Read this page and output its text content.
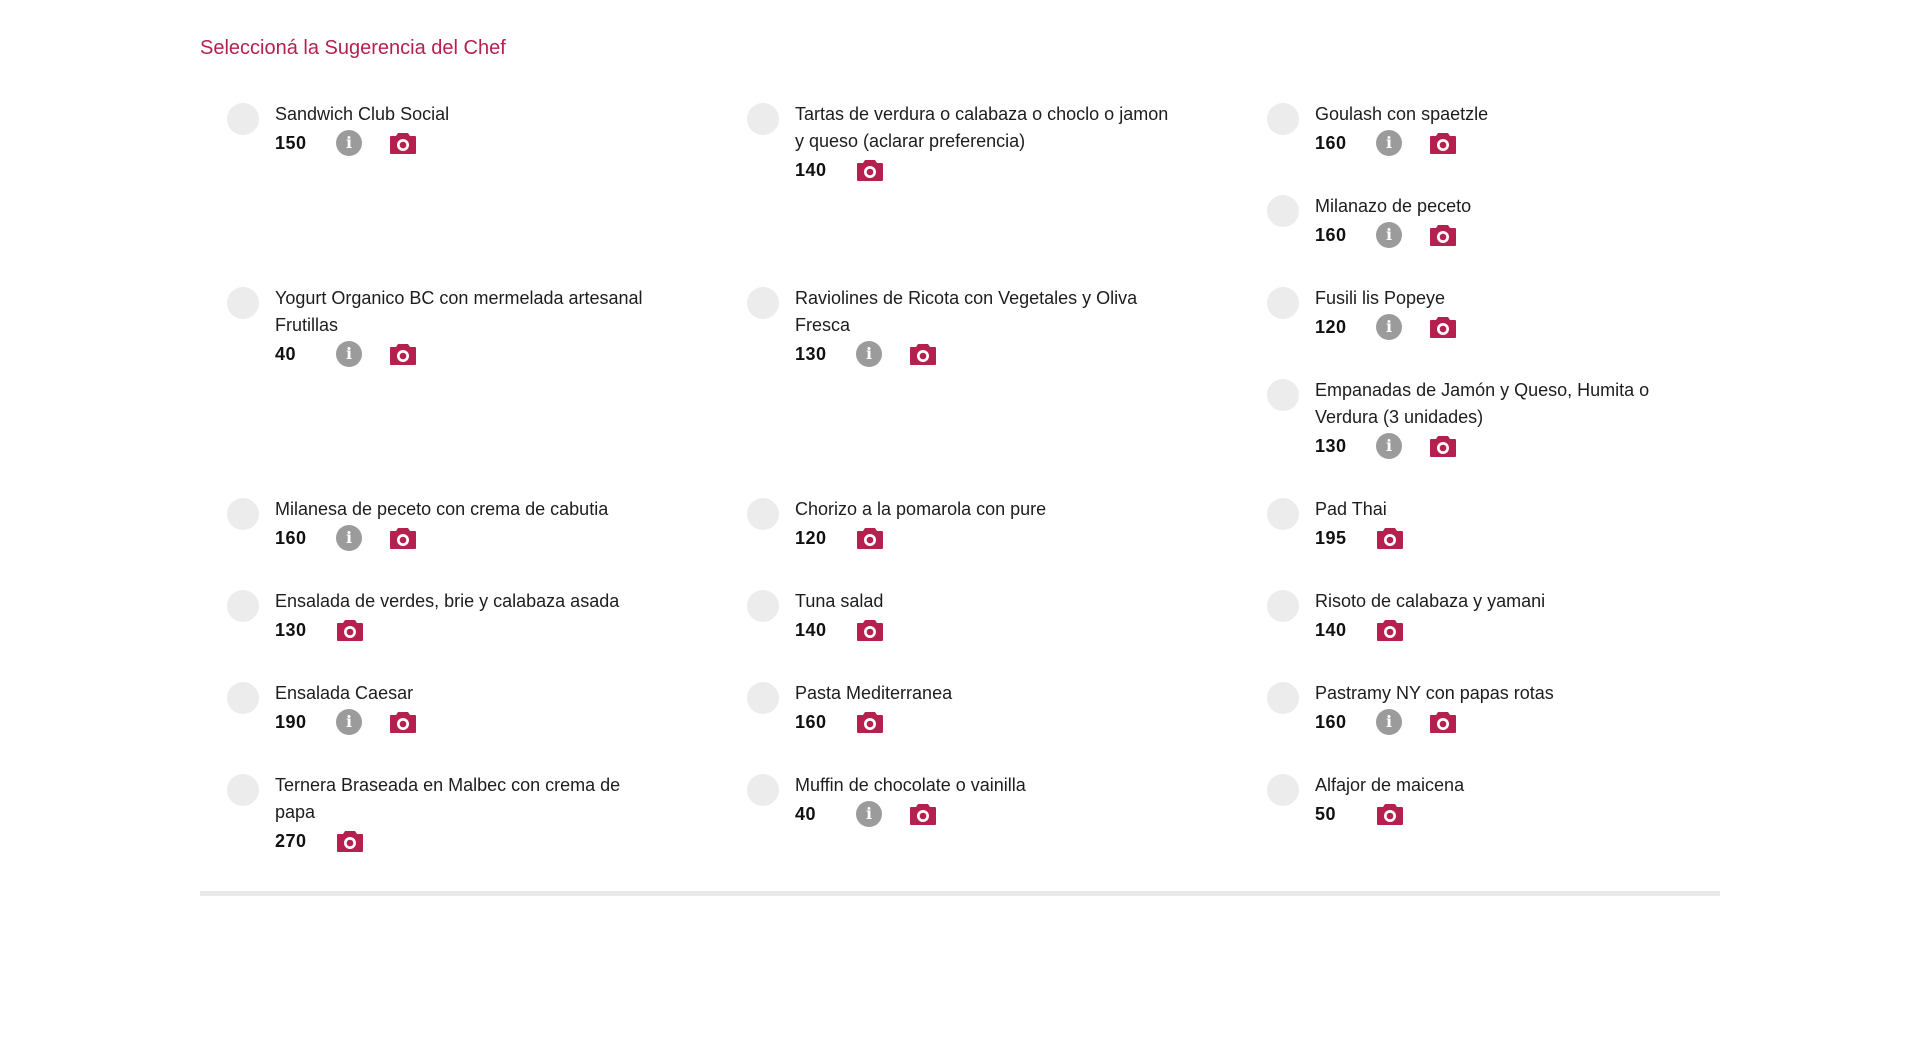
Seleccioná la Sugerencia del Chef
Sandwich Club Social
150	i
Tartas de verdura o calabaza o choclo o jamon y queso (aclarar preferencia)
140
Goulash con spaetzle
160	i
Milanazo de peceto
160	i
Yogurt Organico BC con mermelada artesanal Frutillas
40	i
Raviolines de Ricota con Vegetales y Oliva Fresca
130	i
Fusili lis Popeye
120	i
Empanadas de Jamón y Queso, Humita o Verdura (3 unidades)
130	i
Milanesa de peceto con crema de cabutia
160	i
Chorizo a la pomarola con pure
120
Pad Thai
195
Ensalada de verdes, brie y calabaza asada
130
Tuna salad
140
Risoto de calabaza y yamani
140
Ensalada Caesar
190	i
Pasta Mediterranea
160
Pastramy NY con papas rotas
160	i
Ternera Braseada en Malbec con crema de papa
270
Muffin de chocolate o vainilla
40	i
Alfajor de maicena
50
